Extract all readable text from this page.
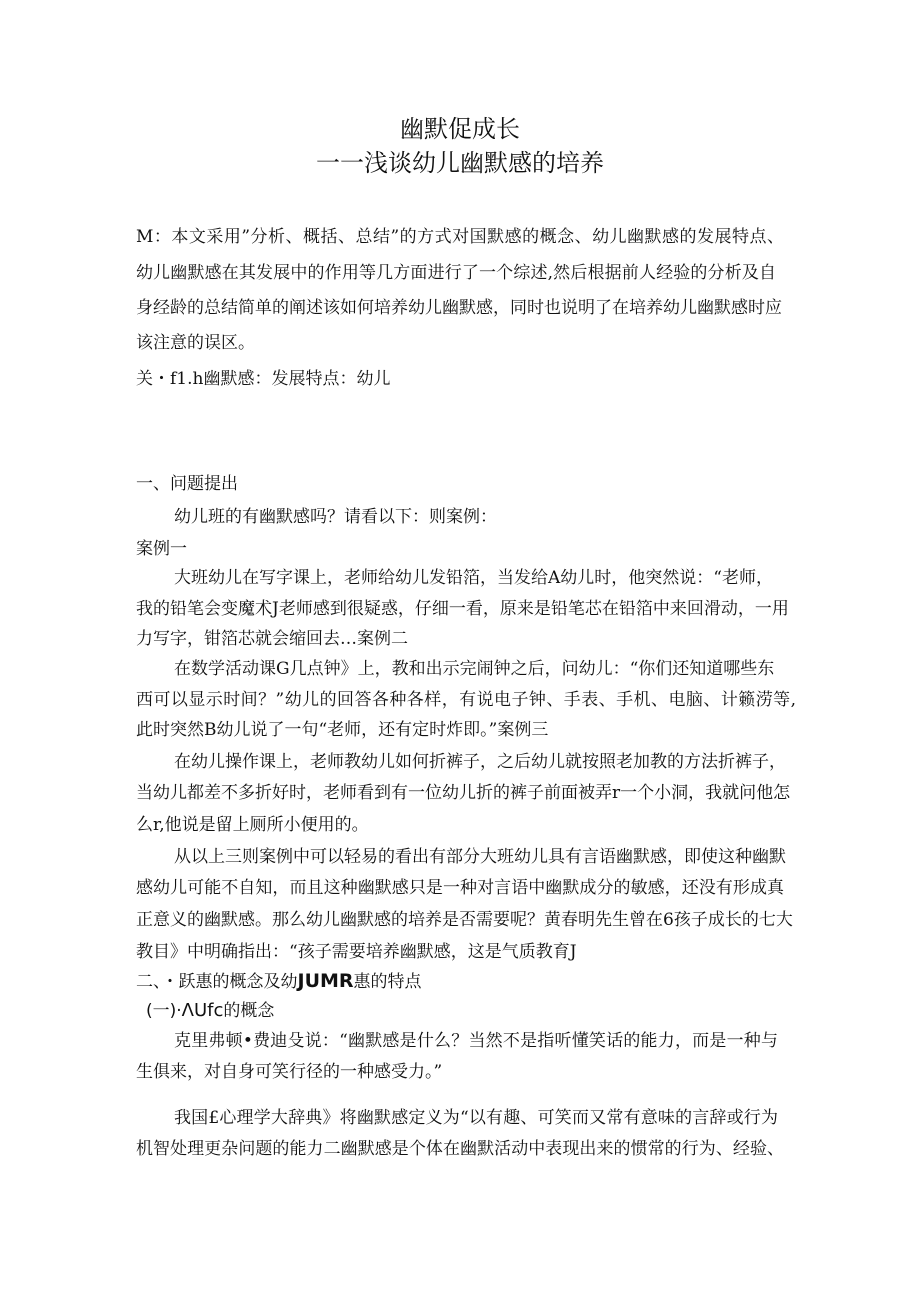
幽默促成长
一一浅谈幼儿幽默感的培养
M：本文采用”分析、概括、总结”的方式对国默感的概念、幼儿幽默感的发展特点、
幼儿幽默感在其发展中的作用等几方面进行了一个综述,然后根据前人经验的分析及自
身经龄的总结简单的阐述该如何培养幼儿幽默感，同时也说明了在培养幼儿幽默感时应
该注意的误区。
关・f1.h幽默感：发展特点：幼儿
一、问题提出
幼儿班的有幽默感吗？请看以下：则案例：
案例一
大班幼儿在写字课上，老师给幼儿发铅箔，当发给A幼儿时，他突然说：“老师，
我的铅笔会变魔术J老师感到很疑惑，仔细一看，原来是铅笔芯在铅箔中来回滑动，一用
力写字，钳箔芯就会缩回去…案例二
在数学活动课G几点钟》上，教和出示完闹钟之后，问幼儿：“你们还知道哪些东
西可以显示时间？”幼儿的回答各种各样，有说电子钟、手表、手机、电脑、计籁涝等,
此时突然B幼儿说了一句“老师，还有定时炸即。”案例三
在幼儿操作课上，老师教幼儿如何折裤子，之后幼儿就按照老加教的方法折裤子，
当幼儿都差不多折好时，老师看到有一位幼儿折的裤子前面被弄r一个小洞，我就问他怎
么r,他说是留上厕所小便用的。
从以上三则案例中可以轻易的看出有部分大班幼儿具有言语幽默感，即使这种幽默
感幼儿可能不自知，而且这种幽默感只是一种对言语中幽默成分的敏感，还没有形成真
正意义的幽默感。那么幼儿幽默感的培养是否需要呢？黄春明先生曾在6孩子成长的七大
教目》中明确指出：“孩子需要培养幽默感，这是气质教育J
二、・跃惠的概念及幼JUMR惠的特点
(一)·ΛUfc的概念
克里弗顿•费迪殳说：“幽默感是什么？当然不是指听懂笑话的能力，而是一种与
生俱来，对自身可笑行径的一种感受力。”
我国£心理学大辞典》将幽默感定义为“以有趣、可笑而又常有意味的言辞或行为
机智处理更杂问题的能力二幽默感是个体在幽默活动中表现出来的惯常的行为、经验、
